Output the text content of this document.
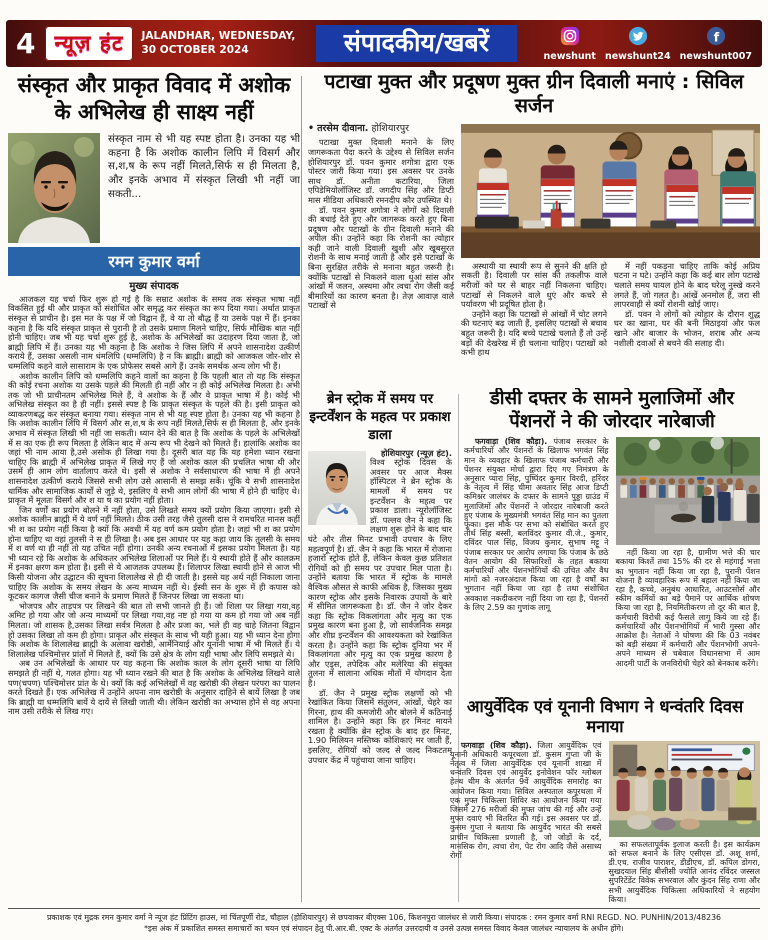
4 न्यूज़ हंट	JALANDHAR, WEDNESDAY,
30 OCTOBER 2024	संपादकीय/खबरें	newshunt newshunt24
f
newshunt007
संस्कृत और प्राकृत विवाद में अशोक के अभिलेख ही साक्ष्य नहीं
संस्कृत नाम से भी यह स्पष्ट होता है। उनका यह भी कहना है कि अशोक कालीन लिपि में विसर्ग और स,श,ष के रूप नहीं मिलते,सिर्फ स ही मिलता है, और इनके अभाव में संस्कृत लिखी भी नहीं जा सकती...
रमन कुमार वर्मा
मुख्य संपादक

आजकल यह चर्चा फिर शुरू हो गई है कि सम्राट अशोक के समय तक संस्कृत भाषा नहीं विकसित हुई थी और प्राकृत को संशोधित और समृद्ध कर संस्कृत का रूप दिया गया। अर्थात प्राकृत संस्कृत से प्राचीन है। इस मत के पक्ष में जो विद्वान हैं, वे या तो बौद्ध हैं या उसके पक्ष में हैं। इनका कहना है कि यदि संस्कृत प्राकृत से पुरानी है तो उसके प्रमाण मिलने चाहिए, सिर्फ मौखिक बात नहीं होनी चाहिए। जब भी यह चर्चा शुरू हुई है, अशोक के अभिलेखों का उदाहरण दिया जाता है, जो ब्राह्मी लिपि में हैं। उनका यह भी कहना है कि अशोक ने जिस लिपि में अपने शासनादेश उत्कीर्ण कराये हैं, उसका असली नाम धंमलिपि (धम्मलिपि) है न कि ब्राह्मी। ब्राह्मी को आजकल जोर-शोर से धम्मलिपि कहने वाले सासाराम के एक प्रोफेसर सबसे आगे हैं। उनके समर्थक अन्य लोग भी हैं।

अशोक कालीन लिपि को धम्मलिपि कहने वालों का कहना है कि पहली बात तो यह कि संस्कृत की कोई रचना अशोक या उसके पहले की मिलती ही नहीं और न ही कोई अभिलेख मिलता है। अभी तक जो भी प्राचीनतम अभिलेख मिले हैं, वे अशोक के हैं और वे प्राकृत भाषा में है। कोई भी अभिलेख संस्कृत का है ही नहीं। इससे स्पष्ट है कि प्राकृत संस्कृत के पहले की है। इसी प्राकृत को व्याकरणबद्ध कर संस्कृत बनाया गया। संस्कृत नाम से भी यह स्पष्ट होता है। उनका यह भी कहना है कि अशोक कालीन लिपि में विसर्ग और स,श,ष के रूप नहीं मिलते,सिर्फ स ही मिलता है, और इनके अभाव में संस्कृत लिखी भी नहीं जा सकती। ध्यान देने की बात है कि अशोक के पहले के अभिलेखों में स का एक ही रूप मिलता है लेकिन बाद में अन्य रूप भी देखने को मिलते हैं। हालांकि अशोक का जहां भी नाम आया है,उसे असोक ही लिखा गया है। दूसरी बात यह कि यह हमेशा ध्यान रखना चाहिए कि ब्राह्मी में अभिलेख प्राकृत में लिखे गए हैं जो अशोक काल की प्रचलित भाषा थी और उसमें ही आम लोग वार्तालाप करते थे। इसी से अशोक ने सर्वसाधारण की भाषा में ही अपने शासनादेश उत्कीर्ण कराये जिससे सभी लोग उसे आसानी से समझ सकें। चूंकि ये सभी शासनादेश धार्मिक और सामाजिक कार्यों से जुड़े थे, इसलिए ये सभी आम लोगों की भाषा में होने ही चाहिए थे। प्राकृत में मूलतः विसर्ग और श या ष का प्रयोग नहीं होता।

जिन वर्णों का प्रयोग बोलने में नहीं होता, उसे लिखते समय क्यों प्रयोग किया जाएगा। इसी से अशोक कालीन ब्राह्मी में ये वर्ण नहीं मिलते। ठीक उसी तरह जैसे तुलसी दास ने रामचरित मानस कहीं भी श का प्रयोग नहीं किया है क्यों कि अवधी में यह वर्ण कम प्रयोग होता है। जहां भी श का प्रयोग होना चाहिए था वहां तुलसी ने स ही लिखा है। अब इस आधार पर यह कहा जाय कि तुलसी के समय में श वर्ण था ही नहीं तो यह उचित नहीं होगा। उनकी अन्य रचनाओं में इसका प्रयोग मिलता है। यह भी ध्यान रहे कि अशोक के अधिकतर अभिलेख शिलाओं पर मिले हैं। ये स्थायी होते हैं और कालक्रम में इनका क्षरण कम होता है। इसी से ये आजतक उपलब्ध हैं। शिलापर लिखा स्थायी होने से आज भी किसी योजना और उद्घाटन की सूचना शिलालेख से ही दी जाती है। इससे यह अर्थ नहीं निकाला जाना चाहिए कि अशोक के समय लेखन के अन्य माध्यम नहीं थे। ईस्वी सन के शुरू में ही कपास को कूटकर कागज जैसी चीज बनाने के प्रमाण मिलते हैं जिनपर लिखा जा सकता था।

भोजपत्र और ताड़पत्र पर लिखने की बात तो सभी जानते ही हैं। जो शिला पर लिखा गया,वह अमिट हो गया और जो अन्य माध्यमों पर लिखा गया,वह नष्ट हो गया या कम हो गया जो अब नहीं मिलता। जो शासक है,उसका लिखा सर्वत्र मिलता है और प्रजा का, भले ही वह चाहे जितना विद्वान हो उसका लिखा तो कम ही होगा। प्राकृत और संस्कृत के साथ भी यही हुआ। यह भी ध्यान देना होगा कि अशोक के शिलालेख ब्राह्मी के अलावा खरोष्ठी, आर्मेनियाई और यूनानी भाषा में भी मिलते हैं। ये शिलालेख पश्चिमोत्तर प्रांतों में मिलते हैं, क्यों कि उसे क्षेत्र के लोग यही भाषा और लिपि समझते थे।

अब उन अभिलेखों के आधार पर यह कहना कि अशोक काल के लोग दूसरी भाषा या लिपि समझते ही नहीं थे, गलत होगा। यह भी ध्यान रखने की बात है कि अशोक के अभिलेख लिखने वाले पण(चपण) पश्चिमोत्तर प्रांत के थे। क्यों कि कई अभिलेखों में वह खरोष्ठी की लेखन परंपरा का पालन करते दिखते हैं। एक अभिलेख में उन्होंने अपना नाम खरोष्ठी के अनुसार दाहिने से बायें लिखा है जब कि ब्राह्मी या धम्मलिपि बायें ये दायें से लिखी जाती थी। लेकिन खरोष्ठी का अभ्यास होने से वह अपना नाम उसी तरीके से लिख गए।

पटाखा मुक्त और प्रदूषण मुक्त ग्रीन दिवाली मनाएं : सिविल सर्जन
• तरसेम दीवाना. होशियारपुर

पटाखा मुक्त दिवाली मनाने के लिए जागरूकता पैदा करने के उद्देश्य से सिविल सर्जन होशियारपुर डॉ. पवन कुमार शगोत्रा द्वारा एक पोस्टर जारी किया गया। इस अवसर पर उनके साथ डॉ. अनीता कटारिया, जिला एपिडेमियोलॉजिस्ट डॉ. जगदीप सिंह और डिप्टी मास मीडिया अधिकारी रमनदीप कौर उपस्थित थे।

डॉ. पवन कुमार शगोत्रा ने लोगों को दिवाली की बधाई देते हुए और जागरूक करते हुए बिना प्रदूषण और पटाखों के ग्रीन दिवाली मनाने की अपील की। उन्होंने कहा कि रोशनी का त्योहार कही जाने वाली दिवाली खुशी और खूबसूरत रोशनी के साथ मनाई जाती है और इसे पटाखों के बिना सुरक्षित तरीके से मनाना बहुत जरूरी है। क्योंकि पटाखों से निकलने वाला धुआं सांस और आंखों में जलन, अस्थमा और त्वचा रोग जैसी कई बीमारियों का कारण बनता है। तेज़ आवाज़ वाले पटाखों से

अस्थायी या स्थायी रूप से सुनने की क्षति हो सकती है। दिवाली पर सांस की तकलीफ वाले मरीजों को घर से बाहर नहीं निकलना चाहिए। पटाखों से निकलने वाले धुएं और कचरे से पर्यावरण भी प्रदूषित होता है।

उन्होंने कहा कि पटाखों से आंखों में चोट लगने की घटनाएं बढ़ जाती हैं, इसलिए पटाखों से बचाव बहुत जरूरी है। यदि बच्चे पटाखे चलाते हैं तो उन्हें बड़ों की देखरेख में ही चलाना चाहिए। पटाखों को कभी हाथ

में नहीं पकड़ना चाहिए ताकि कोई अप्रिय घटना न घटे। उन्होंने कहा कि कई बार लोग पटाखे चलाते समय घायल होने के बाद घरेलू नुस्खे करने लगते हैं, जो गलत है। आंखें अनमोल हैं, जरा सी लापरवाही से क्यों रोशनी खोई जाए।

डॉ. पवन ने लोगों को त्योहार के दौरान शुद्ध घर का खाना, घर की बनी मिठाइयां और फल खाने और बाजार के भोजन, शराब और अन्य नशीली दवाओं से बचने की सलाह दी।

ब्रेन स्ट्रोक में समय पर इन्टर्वेंशन के महत्व पर प्रकाश डाला

होशियारपुर (न्यूज़ हंट). विश्व स्ट्रोक दिवस के अवसर पर आज मैक्स हॉस्पिटल ने ब्रेन स्ट्रोक के मामलों में समय पर इन्टर्वेंशन के महत्व पर प्रकाश डाला। न्यूरोलॉजिस्ट डॉ. पल्लव जैन ने कहा कि लक्षण शुरू होने के बाद चार घंटे और तीस मिनट प्रभावी उपचार के लिए महत्वपूर्ण है। डॉ. जैन ने कहा कि भारत में रोजाना हजारों स्ट्रोक होते हैं, लेकिन केवल कुछ प्रतिशत रोगियों को ही समय पर उपचार मिल पाता है। उन्होंने बताया कि भारत में स्ट्रोक के मामले वैश्विक औसत से काफी अधिक है, जिसका मुख्य कारण स्ट्रोक और इसके निवारक उपायों के बारे में सीमित जागरूकता है। डॉ. जैन ने जोर देकर कहा कि स्ट्रोक विकलांगता और मृत्यु का एक प्रमुख कारण बना हुआ है, जो सार्वजनिक समझ और शीघ्र इन्टर्वेंशन की आवश्यकता को रेखांकित करता है। उन्होंने कहा कि स्ट्रोक दुनिया भर में विकलांगता और मृत्यु का एक प्रमुख कारण है और एड्स, तपेदिक और मलेरिया की संयुक्त तुलना में सालाना अधिक मौतों में योगदान देता है।

डॉ. जैन ने प्रमुख स्ट्रोक लक्षणों को भी रेखांकित किया जिसमें संतुलन, आंखों, चेहरे का गिरना, हाथ की कमजोरी और बोलने में कठिनाई शामिल है। उन्होंने कहा कि हर मिनट मायने रखता है क्योंकि ब्रेन स्ट्रोक के बाद हर मिनट, 1.90 मिलियन मस्तिष्क कोशिकाएं मर जाती हैं, इसलिए, रोगियों को जल्द से जल्द निकटतम उपचार केंद्र में पहुंचाया जाना चाहिए।

डीसी दफ्तर के सामने मुलाजिमों और पेंशनरों ने की जोरदार नारेबाजी

फगवाड़ा (शिव कौड़ा). पंजाब सरकार के कर्मचारियों और पेंशनरों के खिलाफ भगवंत सिंह मान के व्यवहार के खिलाफ पंजाब कर्मचारी और पेंशनर संयुक्त मोर्चा द्वारा दिए गए निमंत्रण के अनुसार प्यारा सिंह, पुष्पिंदर कुमार विरदी, हरिंदर के नेतृत्व में सिंह चीमा अवतार सिंह आज डिप्टी कमिश्नर जालंधर के दफ्तर के सामने पुड्डा ग्राउंड में मुलाजिमों और पेंशनरों ने जोरदार नारेबाजी करते हुए पंजाब के मुख्यमंत्री भगवंत सिंह मान का पुतला फूंका। इस मौके पर सभा को संबोधित करते हुए तीर्थ सिंह बस्सी, बलविंदर कुमार वी.जे., कुमार, दविंदर पाल सिंह, विजय कुमार, सुभाष मट्टू ने पंजाब सरकार पर आरोप लगाया कि पंजाब के छठे वेतन आयोग की सिफारिशों के तहत बकाया कर्मचारियों और पेंशनभोगियों की उचित और वैध मांगों को नजरअंदाज किया जा रहा है वर्षों का भुगतान नहीं किया जा रहा है तथा संशोधित अवकाश नकदीकरण नहीं दिया जा रहा है, पेंशनरों के लिए 2.59 का गुणांक लागू

नहीं किया जा रहा है, ग्रामीण भत्ते की चार बकाया किश्तें तथा 15% की दर से महंगाई भत्ता का भुगतान नहीं किया जा रहा है, पुरानी पेंशन योजना है व्यावहारिक रूप में बहाल नहीं किया जा रहा है, कच्चे, अनुबंध आधारित, आउटसोर्स और स्कीम कर्मियों का बड़े पैमाने पर आर्थिक शोषण किया जा रहा है, नियमितीकरण तो दूर की बात है, कर्मचारी विरोधी कई फैसले लागू किये जा रहे हैं। कर्मचारियों और पेंशनभोगियों में भारी गुस्सा और आक्रोश है। नेताओं ने घोषणा की कि 03 नवंबर को बड़ी संख्या में कर्मचारी और पेंशनभोगी अपने-अपने माध्यम से चबेवाल विधानसभा में आम आदमी पार्टी के जनविरोधी चेहरे को बेनकाब करेंगे।

आयुर्वेदिक एवं यूनानी विभाग ने धन्वंतरि दिवस मनाया

फगवाड़ा (शिव कौड़ा). जिला आयुर्वेदिक एवं यूनानी अधिकारी कपूरथला डॉ. कुसम गुप्ता जी के नेतृत्व में जिला आयुर्वेदिक एवं यूनानी शाखा में धन्वंतरि दिवस एवं आयुर्वेद इनोवेशन फॉर ग्लोबल हेल्थ थीम के अंतर्गत 9वें आयुर्वेदिक समारोह का आयोजन किया गया। सिविल अस्पताल कपूरथला में एक मुफ्त चिकित्सा शिविर का आयोजन किया गया जिसमें 276 मरीजों की मुफ्त जांच की गई और उन्हें मुफ्त दवाएं भी वितरित की गई। इस अवसर पर डॉ. कुसम गुप्ता ने बताया कि आयुर्वेद भारत की सबसे प्राचीन चिकित्सा प्रणाली है, जो जोड़ों के दर्द, मानसिक रोग, त्वचा रोग, पेट रोग आदि जैसे असाध्य रोगों

का सफलतापूर्वक इलाज करती है। इस कार्यक्रम को सफल बनाने के लिए एसीएस डॉ. अशू शर्मा, डी.एच. राजीव पाराशर, डीडीएच, डॉ. कपिल डोगरा, सुखदयाल सिंह बीसीसी ज्योति आनंद रविंदर जस्सल सुपरिटेंडेंट विवेक सभरवाल और कुंदन सिंह राणा और सभी आयुर्वेदिक चिकित्सा अधिकारियों ने सहयोग किया।

प्रकाशक एवं मुद्रक रमन कुमार वर्मा ने न्यूज हंट प्रिंटिंग हाउस, मां चिंतपूर्णी रोड, चौहाल (होशियारपुर) से छपवाकर बीएक्स 106, किशनपुरा जालंधर से जारी किया। संपादक : रमन कुमार वर्मा RNI REGD. NO. PUNHIN/2013/48236
*इस अंक में प्रकाशित समस्त समाचारों का चयन एवं संपादन हेतु पी.आर.बी. एक्ट के अंतर्गत उत्तरदायी व उनसे उत्पन्न समस्त विवाद केवल जालंधर न्यायालय के अधीन होंगे।
